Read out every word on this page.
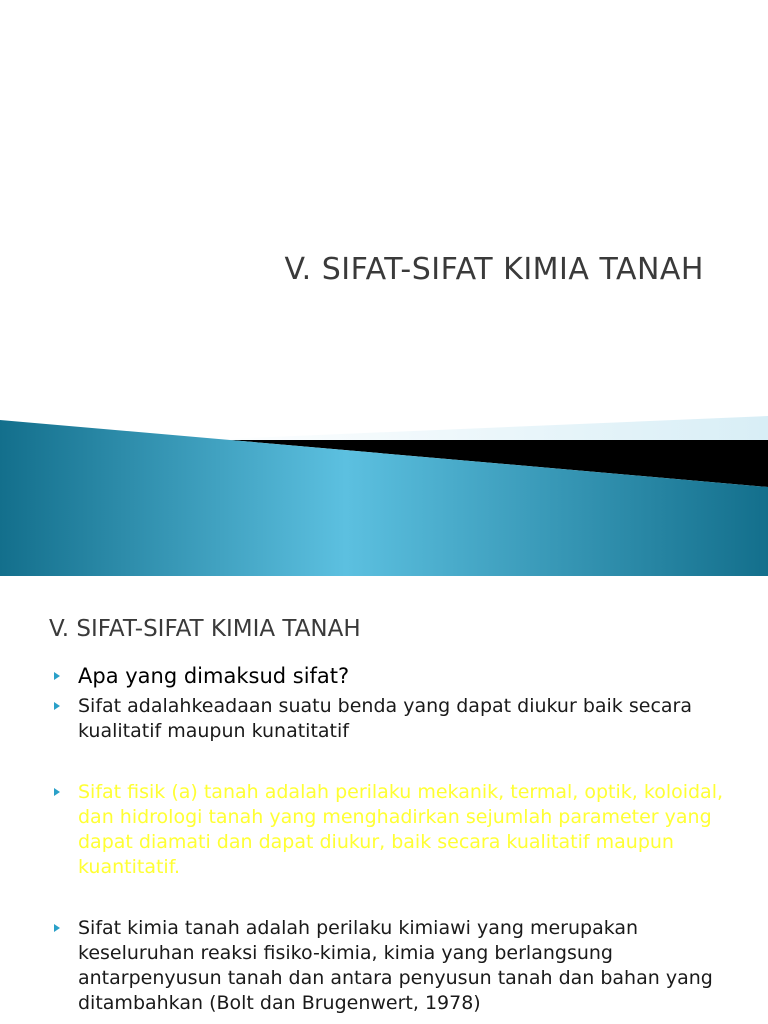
V. SIFAT-SIFAT KIMIA TANAH
V. SIFAT-SIFAT KIMIA TANAH
Apa yang dimaksud sifat?
Sifat adalahkeadaan suatu benda yang dapat diukur baik secara kualitatif maupun kunatitatif
Sifat fisik (a) tanah adalah perilaku mekanik, termal, optik, koloidal, dan hidrologi tanah yang menghadirkan sejumlah parameter yang dapat diamati dan dapat diukur, baik secara kualitatif maupun kuantitatif.
Sifat kimia tanah adalah perilaku kimiawi yang merupakan keseluruhan reaksi fisiko-kimia, kimia yang berlangsung antarpenyusun tanah dan antara penyusun tanah dan bahan yang ditambahkan (Bolt dan Brugenwert, 1978)
